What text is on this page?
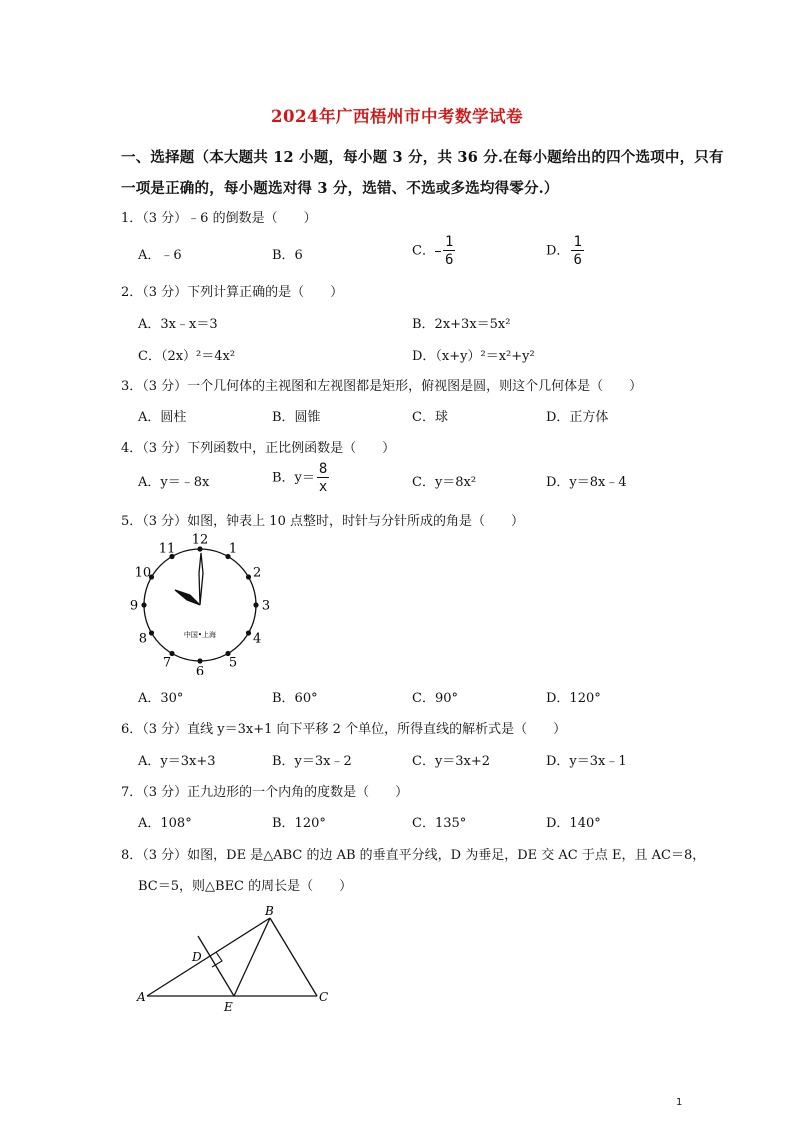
2024年广西梧州市中考数学试卷
一、选择题（本大题共 12 小题，每小题 3 分，共 36 分.在每小题给出的四个选项中，只有
一项是正确的，每小题选对得 3 分，选错、不选或多选均得零分.）
1．（3 分）﹣6 的倒数是（　　）
A．﹣6	B．6	C． $\frac{1}{6}$	D． $\frac{1}{6}$
2．（3 分）下列计算正确的是（　　）
A．3x﹣x＝3	B．2x+3x＝5x²
C．（2x）²＝4x²	D．（x+y）²＝x²+y²
3．（3 分）一个几何体的主视图和左视图都是矩形，俯视图是圆，则这个几何体是（　　）
A．圆柱	B．圆锥	C．球	D．正方体
4．（3 分）下列函数中，正比例函数是（　　）
A．y＝﹣8x	B．$y= \frac{8}{x}$	C．y＝8x²	D．y＝8x﹣4
5．（3 分）如图，钟表上 10 点整时，时针与分针所成的角是（　　）
12
1
2
3
4
5
6
7
8
9
10
11
中国•上海
A．30°	B．60°	C．90°	D．120°
6．（3 分）直线 y＝3x+1 向下平移 2 个单位，所得直线的解析式是（　　）
A．y＝3x+3	B．y＝3x﹣2	C．y＝3x+2	D．y＝3x﹣1
7．（3 分）正九边形的一个内角的度数是（　　）
A．108°	B．120°	C．135°	D．140°
8．（3 分）如图，DE 是△ABC 的边 AB 的垂直平分线，D 为垂足，DE 交 AC 于点 E，且 AC＝8，
BC＝5，则△BEC 的周长是（　　）
A
B
C
D
E
1
